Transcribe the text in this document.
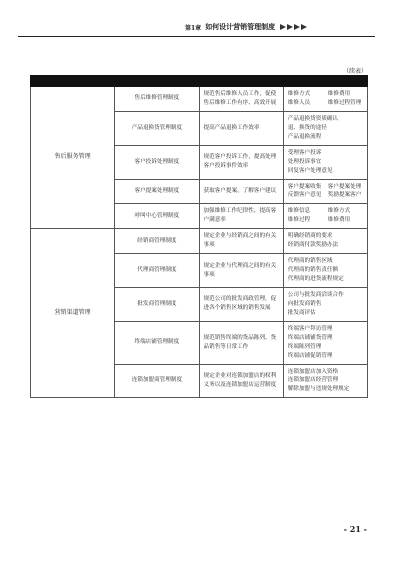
第1章 如何设计营销管理制度
（续表）

售后服务管理	售后维修管理制度	规范售后维修人员工作，促使售后维修工作有序、高效开展	维修方式 维修费用
维修人员 维修过程管理

	产品退换货管理制度	提高产品退换工作效率	产品退换货资质确认
退、换货的途径
产品退换流程

	客户投诉处理制度	规范客户投诉工作，提高处理客户投诉事件效率	受理客户投诉
处理投诉事宜
回复客户处理意见

	客户提案处理制度	获取客户提案，了解客户建议	客户提案收集 客户提案处理
反馈客户意见 奖励提案客户

	呼叫中心管理制度	加强维修工作纪律性，提高客户满意率	维修信息 维修方式
维修过程 维修费用

营销渠道管理	经销商管理制度	规定企业与经销商之间的有关事项	明确经销商的要求
经销商付款奖励办法

	代理商管理制度	规定企业与代理商之间的有关事项	代理商的销售区域
代理商的销售责任额
代理商的进货流程规定

	批发商管理制度	规范公司的批发商政管理，促进各个销售区域的销售发展	公司与批发商洽谈合作
向批发商销售
批发商评估

	终端店铺管理制度	规范销售终端的货品陈列、货品销售等日常工作	终端客户拜访管理
终端店铺铺货管理
终端陈列管理
终端店铺促销管理

	连锁加盟商管理制度	规定企业对连锁加盟店的权利义务以及连锁加盟店运营制度	连锁加盟店加入资格
连锁加盟店经营管理
解除加盟与违规处理规定
- 21 -
